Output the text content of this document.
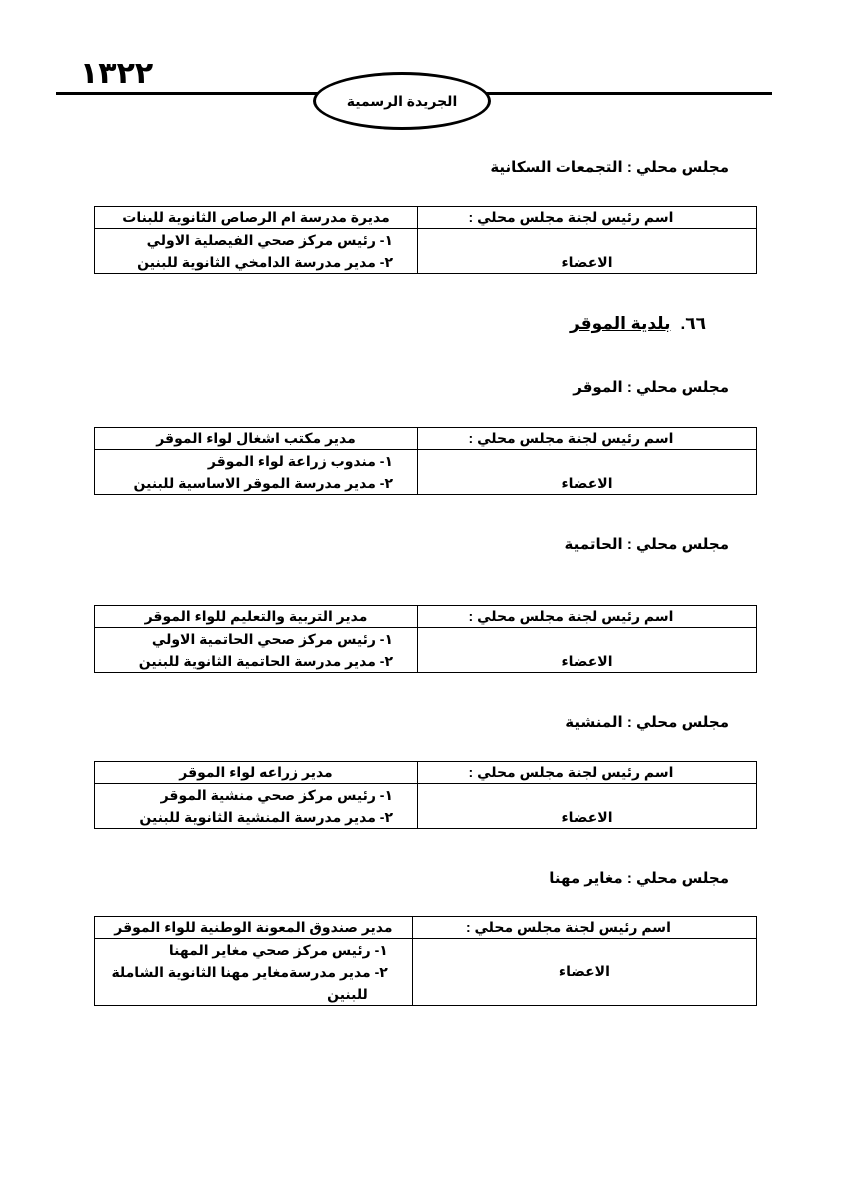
١٣٢٢
الجريدة الرسمية
مجلس محلي : التجمعات السكانية
اسم رئيس لجنة مجلس محلي :	مديرة مدرسة ام الرصاص الثانوية للبنات
الاعضاء	١- رئيس مركز صحي الفيصلية الاولي
٢- مدير مدرسة الدامخي الثانوية للبنين
٦٦.بلدية الموقر
مجلس محلي : الموقر
اسم رئيس لجنة مجلس محلي :	مدير مكتب اشغال لواء الموقر
الاعضاء	١- مندوب زراعة لواء الموقر
٢- مدير مدرسة الموقر الاساسية للبنين
مجلس محلي : الحاتمية
اسم رئيس لجنة مجلس محلي :	مدير التربية والتعليم للواء الموقر
الاعضاء	١- رئيس مركز صحي الحاتمية الاولي
٢- مدير مدرسة الحاتمية الثانوية للبنين
مجلس محلي : المنشية
اسم رئيس لجنة مجلس محلي :	مدير زراعه لواء الموقر
الاعضاء	١- رئيس مركز صحي منشية الموقر
٢- مدير مدرسة المنشية الثانوية للبنين
مجلس محلي : مغاير مهنا
اسم رئيس لجنة مجلس محلي :	مدير صندوق المعونة الوطنية للواء الموقر
الاعضاء	١- رئيس مركز صحي مغاير المهنا
٢- مدير مدرسةمغاير مهنا الثانوية الشاملة للبنين
